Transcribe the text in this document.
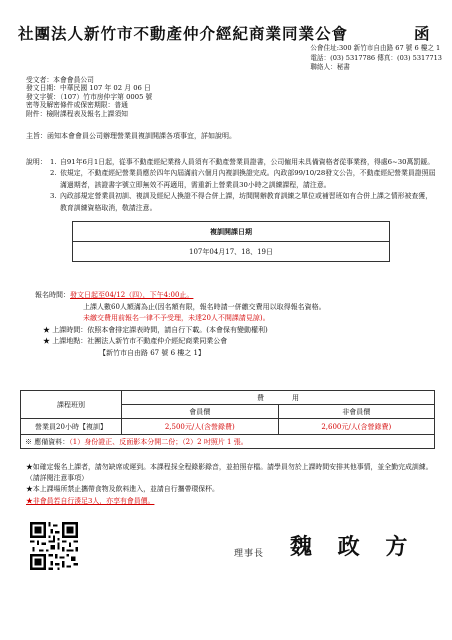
社團法人新竹市不動產仲介經紀商業同業公會	函
公會住址:300 新竹市自由路 67 號 6 樓之 1
電話：(03) 5317786 傳真：(03) 5317713
聯絡人：秘書
受文者：本會會員公司
發文日期：中華民國 107 年 02 月 06 日
發文字號：（107）竹市房仲字第 0005 號
密等及解密條件或保密期限：普通
附件：檢附課程表及報名上課須知
主旨：函知本會會員公司辦理營業員複訓開課各項事宜，詳如說明。
說明： 1. 自91年6月1日起，從事不動產經紀業務人員須有不動產營業員證書，公司僱用未具備資格者從事業務，得處6~30萬罰鍰。
2. 依規定，不動產經紀營業員應於四年內屆滿前六個月內複訓換證完成。內政部99/10/28發文公告，不動產經紀營業員證照屆滿過期者，該證書字號立即無效不再適用，需重新上營業員30小時之訓練課程，請注意。
3. 內政部規定營業員初訓、複訓及經紀人換證不得合併上課，坊間開辦教育訓練之單位或補習班如有合併上課之情形被查獲，教育訓練資格取消，敬請注意。
複訓開課日期
107年04月17、18、19日
報名時間：發文日起至04/12（四），下午4:00止。
上課人數60人額滿為止(因名額有限，報名時請一併繳交費用以取得報名資格。
未繳交費用前報名一律不予受理，未達20人不開課請見諒)。
★ 上課時間：依照本會排定課表時間，請自行下載。(本會保有變動權利)
★ 上課地點：社團法人新竹市不動產仲介經紀商業同業公會
【新竹市自由路 67 號 6 樓之 1】
課程班別	費　　　　用	
	會員價	非會員價
營業員20小時【複訓】	2,500元/人(含營錄費)	2,600元/人(含營錄費)
※ 應備資料：（1）身份證正、反面影本分開二份；（2）2 吋照片 1 張。		
★如確定報名上課者，請勿缺席或遲到。本課程採全程錄影錄音，並拍照存檔。請學員勿於上課時間安排其他事情，並全勤完成訓練。（請詳閱注意事項）
★本上課場所禁止攜帶食物及飲料進入，並請自行攜帶環保杯。
★非會員若自行湊足3人，亦享有會員價。
理事長 魏 政 方
